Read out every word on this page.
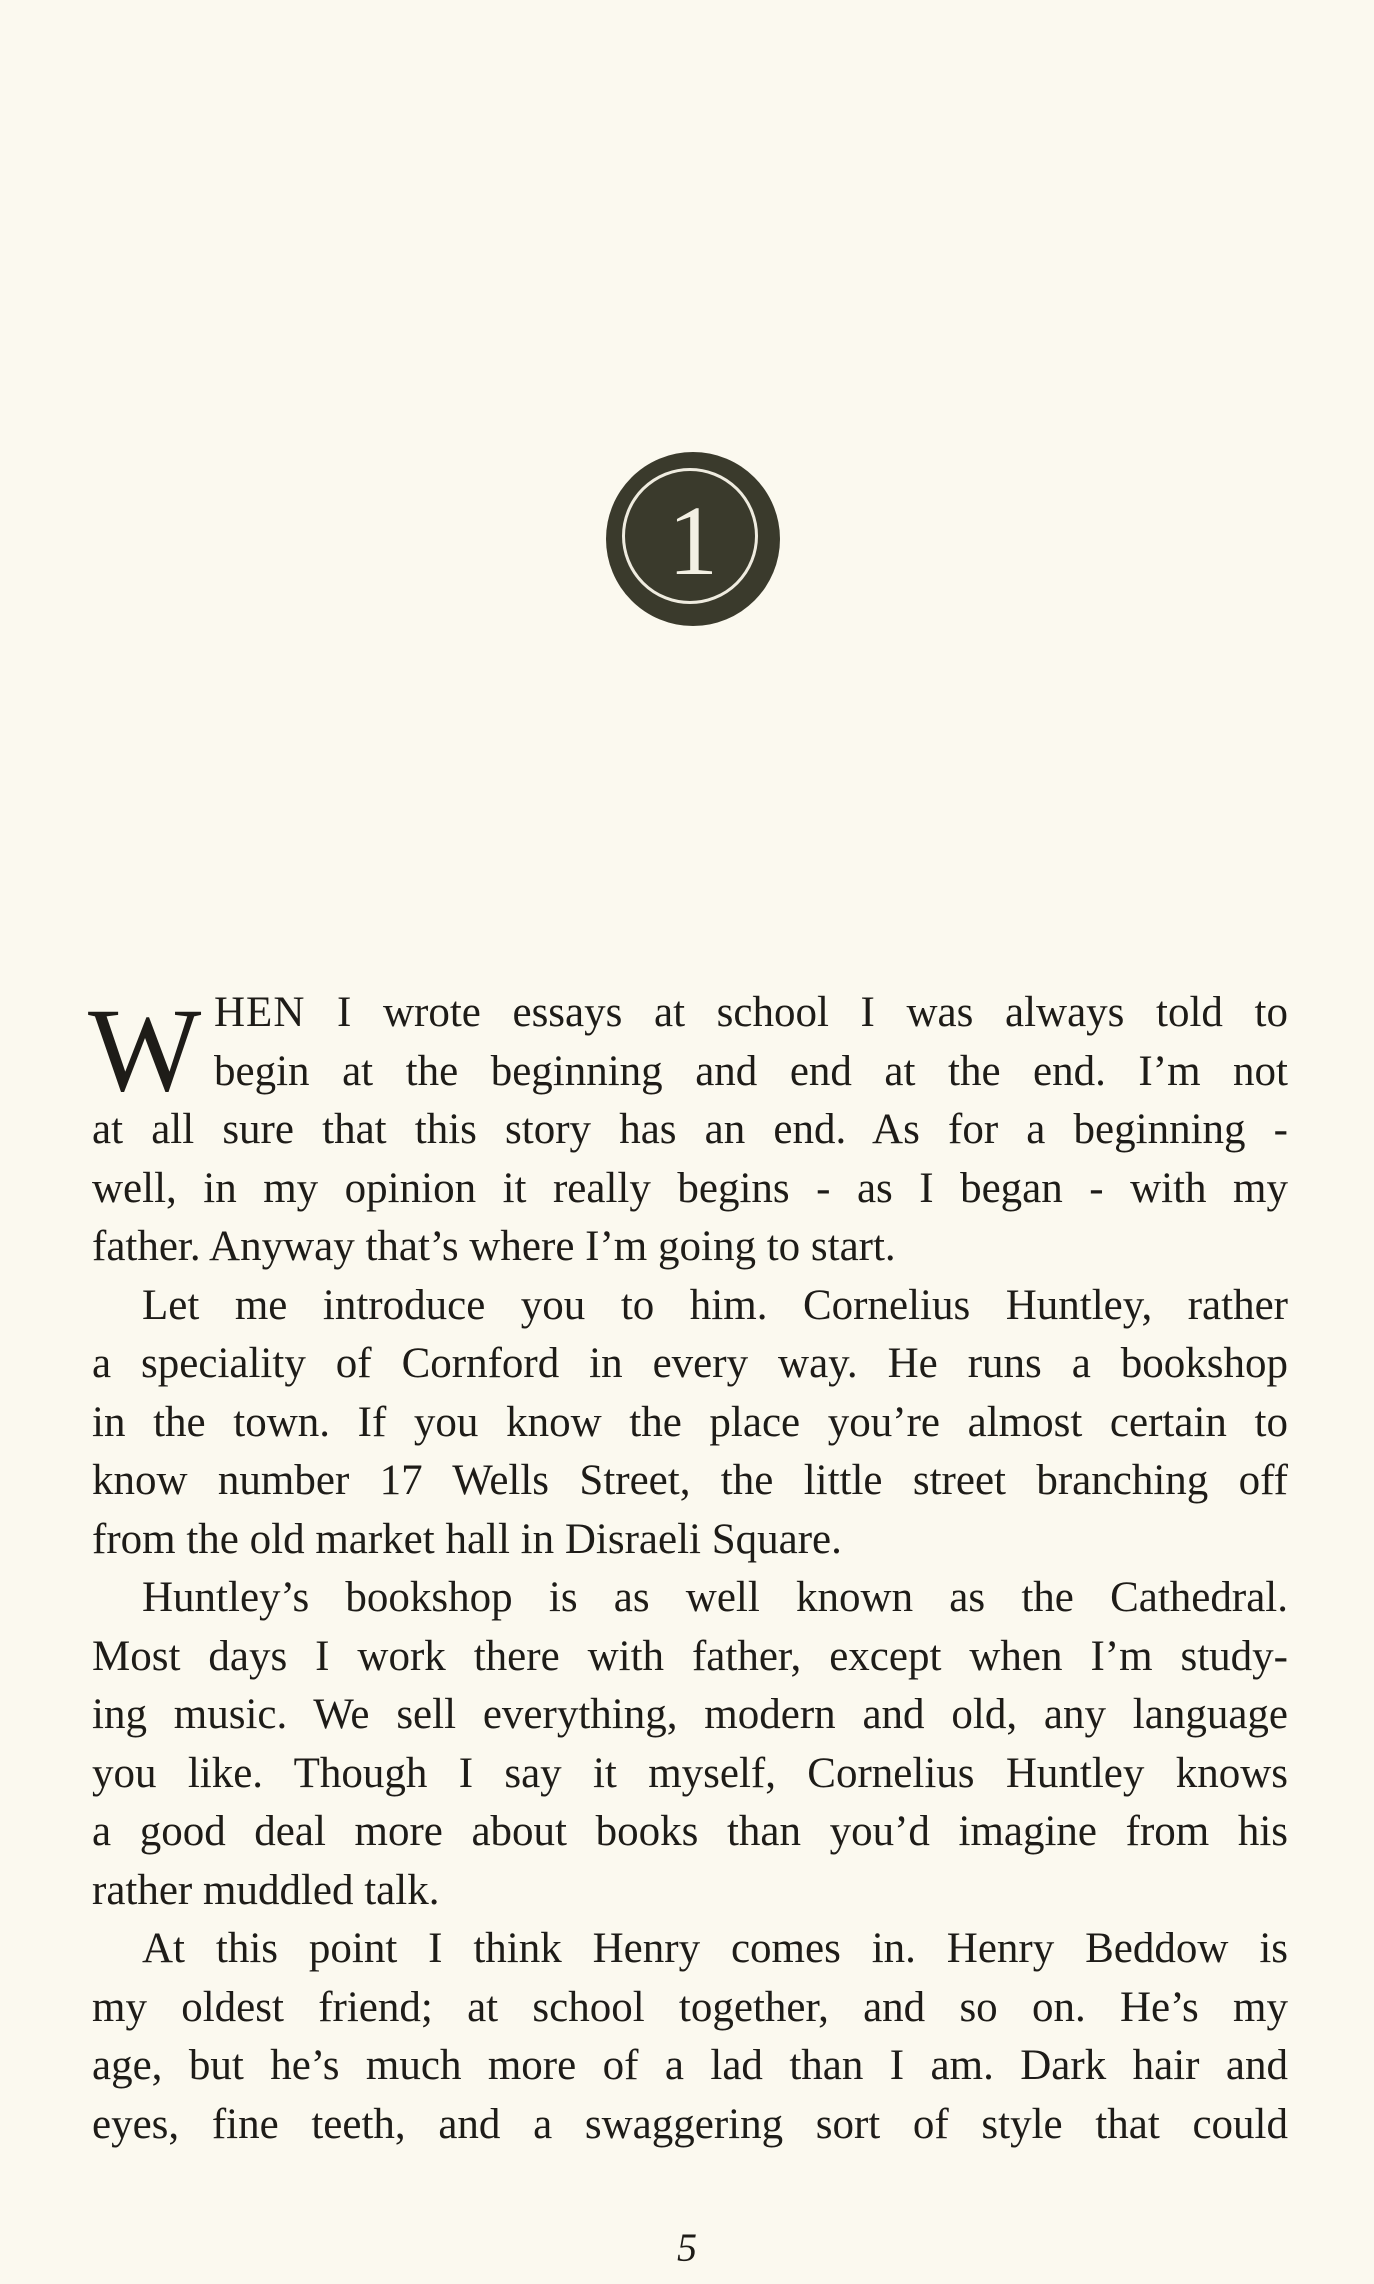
1
W HEN I wrote essays at school I was always told to
begin at the beginning and end at the end. I’m not
at all sure that this story has an end. As for a beginning -
well, in my opinion it really begins - as I began - with my
father. Anyway that’s where I’m going to start.
Let me introduce you to him. Cornelius Huntley, rather
a speciality of Cornford in every way. He runs a bookshop
in the town. If you know the place you’re almost certain to
know number 17 Wells Street, the little street branching off
from the old market hall in Disraeli Square.
Huntley’s bookshop is as well known as the Cathedral.
Most days I work there with father, except when I’m study-
ing music. We sell everything, modern and old, any language
you like. Though I say it myself, Cornelius Huntley knows
a good deal more about books than you’d imagine from his
rather muddled talk.
At this point I think Henry comes in. Henry Beddow is
my oldest friend; at school together, and so on. He’s my
age, but he’s much more of a lad than I am. Dark hair and
eyes, fine teeth, and a swaggering sort of style that could
5
